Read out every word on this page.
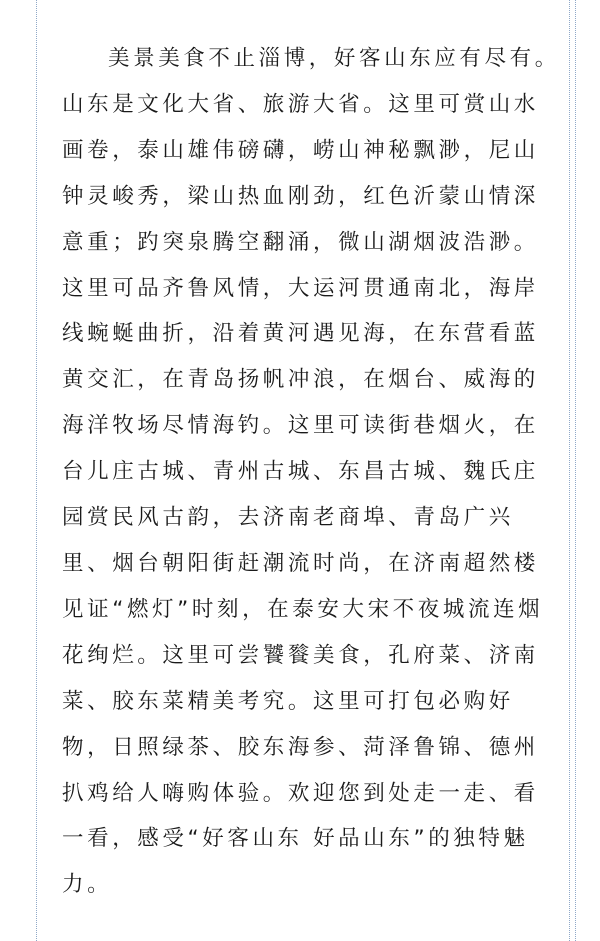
美景美食不止淄博，好客山东应有尽有。山东是文化大省、旅游大省。这里可赏山水画卷，泰山雄伟磅礴，崂山神秘飘渺，尼山钟灵峻秀，梁山热血刚劲，红色沂蒙山情深意重；趵突泉腾空翻涌，微山湖烟波浩渺。这里可品齐鲁风情，大运河贯通南北，海岸线蜿蜒曲折，沿着黄河遇见海，在东营看蓝黄交汇，在青岛扬帆冲浪，在烟台、威海的海洋牧场尽情海钓。这里可读街巷烟火，在台儿庄古城、青州古城、东昌古城、魏氏庄园赏民风古韵，去济南老商埠、青岛广兴里、烟台朝阳街赶潮流时尚，在济南超然楼见证“燃灯”时刻，在泰安大宋不夜城流连烟花绚烂。这里可尝饕餮美食，孔府菜、济南菜、胶东菜精美考究。这里可打包必购好物，日照绿茶、胶东海参、菏泽鲁锦、德州扒鸡给人嗨购体验。欢迎您到处走一走、看一看，感受“好客山东 好品山东”的独特魅力。
